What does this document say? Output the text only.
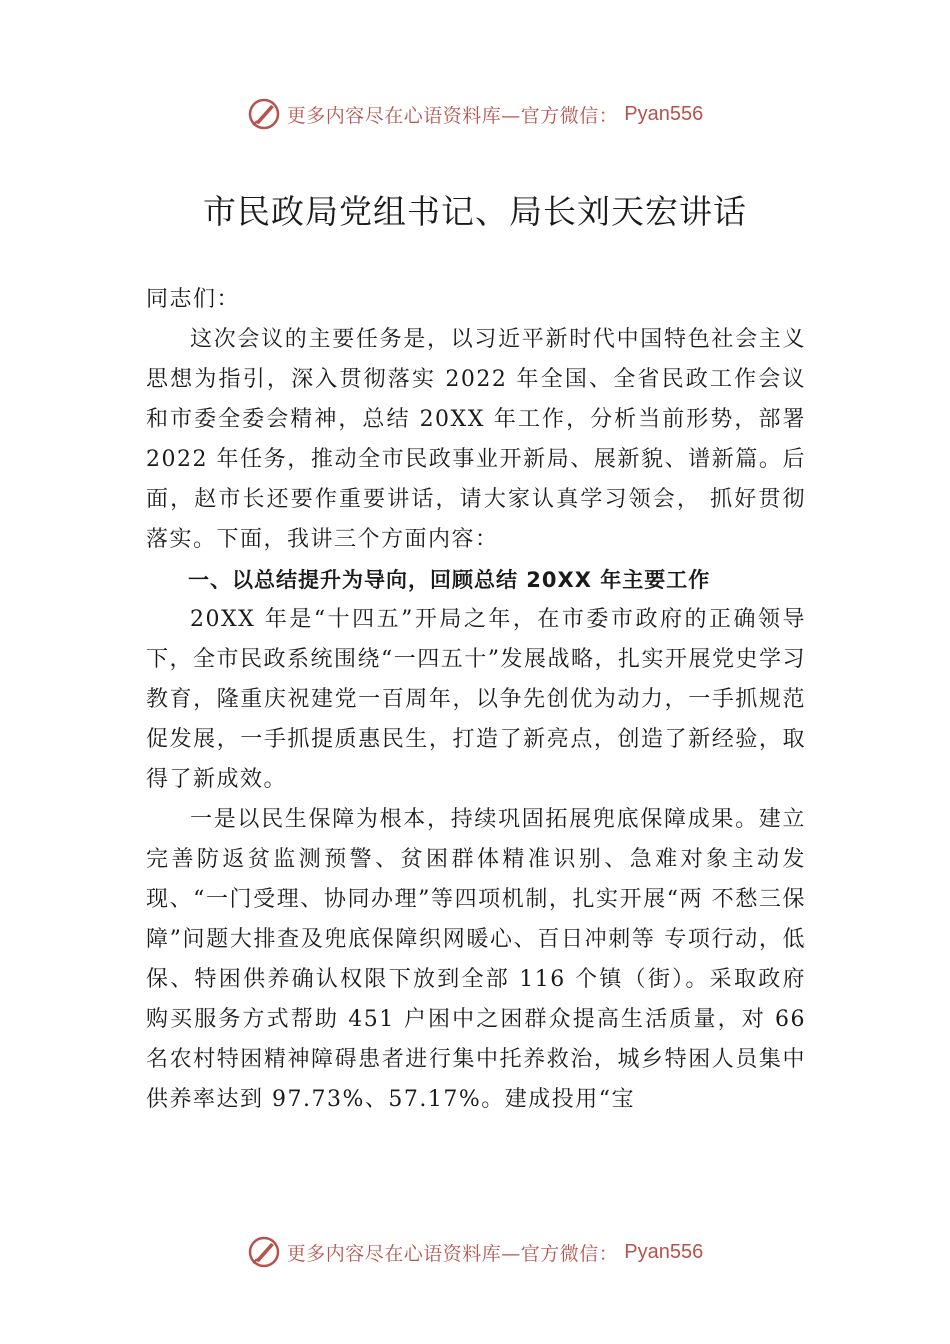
更多内容尽在心语资料库—官方微信： Pyan556
市民政局党组书记、局长刘天宏讲话

同志们：

这次会议的主要任务是，以习近平新时代中国特色社会主义思想为指引，深入贯彻落实 2022 年全国、全省民政工作会议和市委全委会精神，总结 20XX 年工作，分析当前形势，部署 2022 年任务，推动全市民政事业开新局、展新貌、谱新篇。后面，赵市长还要作重要讲话，请大家认真学习领会， 抓好贯彻落实。下面，我讲三个方面内容：

一、以总结提升为导向，回顾总结 20XX 年主要工作

20XX 年是“十四五”开局之年，在市委市政府的正确领导下，全市民政系统围绕“一四五十”发展战略，扎实开展党史学习教育，隆重庆祝建党一百周年，以争先创优为动力，一手抓规范促发展，一手抓提质惠民生，打造了新亮点，创造了新经验，取得了新成效。

一是以民生保障为根本，持续巩固拓展兜底保障成果。建立完善防返贫监测预警、贫困群体精准识别、急难对象主动发现、“一门受理、协同办理”等四项机制，扎实开展“两 不愁三保障”问题大排查及兜底保障织网暖心、百日冲刺等 专项行动，低保、特困供养确认权限下放到全部 116 个镇（街）。采取政府购买服务方式帮助 451 户困中之困群众提高生活质量，对 66 名农村特困精神障碍患者进行集中托养救治，城乡特困人员集中供养率达到 97.73%、57.17%。建成投用“宝

更多内容尽在心语资料库—官方微信： Pyan556
